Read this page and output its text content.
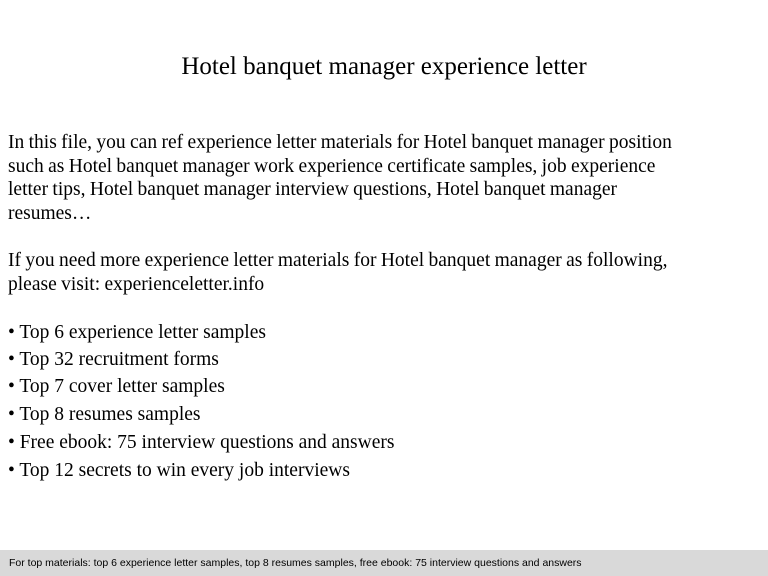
Hotel banquet manager experience letter

In this file, you can ref experience letter materials for Hotel banquet manager position
such as Hotel banquet manager work experience certificate samples, job experience
letter tips, Hotel banquet manager interview questions, Hotel banquet manager
resumes…

If you need more experience letter materials for Hotel banquet manager as following,
please visit: experienceletter.info

• Top 6 experience letter samples
• Top 32 recruitment forms
• Top 7 cover letter samples
• Top 8 resumes samples
• Free ebook: 75 interview questions and answers
• Top 12 secrets to win every job interviews
For top materials: top 6 experience letter samples, top 8 resumes samples, free ebook: 75 interview questions and answers
